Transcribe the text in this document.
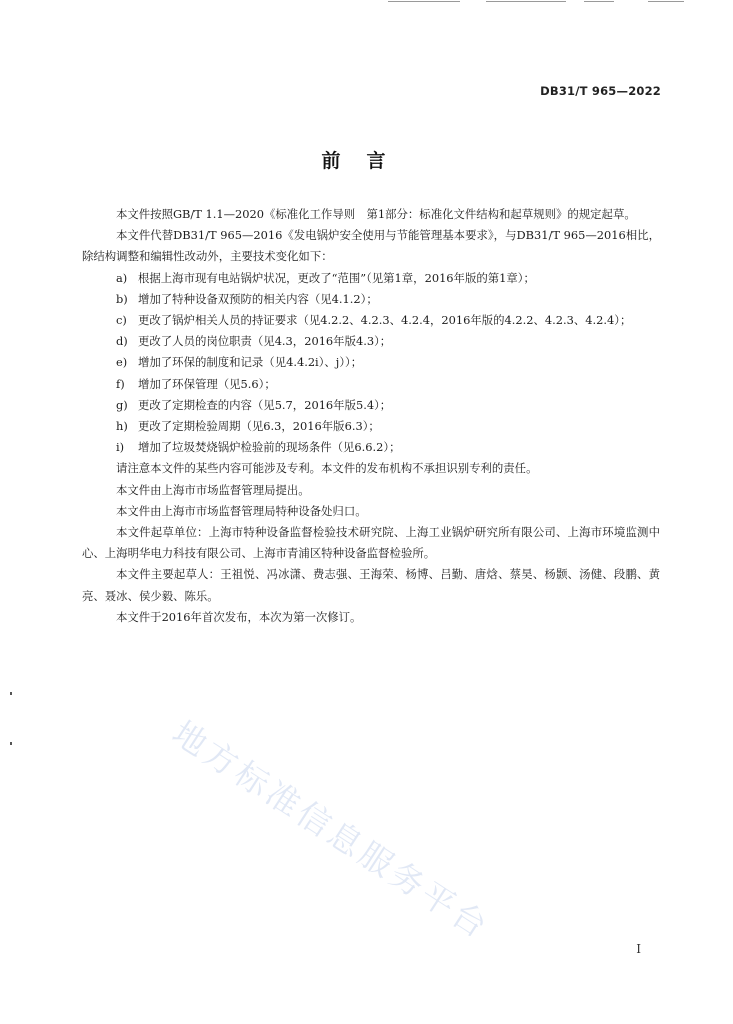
DB31/T 965—2022
前言

本文件按照GB/T 1.1—2020《标准化工作导则　第1部分：标准化文件结构和起草规则》的规定起草。

本文件代替DB31/T 965—2016《发电锅炉安全使用与节能管理基本要求》，与DB31/T 965—2016相比，除结构调整和编辑性改动外，主要技术变化如下：

a) 根据上海市现有电站锅炉状况，更改了“范围”（见第1章，2016年版的第1章）；
b) 增加了特种设备双预防的相关内容（见4.1.2）；
c) 更改了锅炉相关人员的持证要求（见4.2.2、4.2.3、4.2.4，2016年版的4.2.2、4.2.3、4.2.4）；
d) 更改了人员的岗位职责（见4.3，2016年版4.3）；
e) 增加了环保的制度和记录（见4.4.2i）、j））；
f)	增加了环保管理（见5.6）；
g) 更改了定期检查的内容（见5.7，2016年版5.4）；
h) 更改了定期检验周期（见6.3，2016年版6.3）；
i)	增加了垃圾焚烧锅炉检验前的现场条件（见6.6.2）；

请注意本文件的某些内容可能涉及专利。本文件的发布机构不承担识别专利的责任。

本文件由上海市市场监督管理局提出。

本文件由上海市市场监督管理局特种设备处归口。

本文件起草单位：上海市特种设备监督检验技术研究院、上海工业锅炉研究所有限公司、上海市环境监测中心、上海明华电力科技有限公司、上海市青浦区特种设备监督检验所。

本文件主要起草人：王祖悦、冯冰潇、费志强、王海荣、杨博、吕勤、唐焓、蔡昊、杨颢、汤健、段鹏、黄亮、聂冰、侯少毅、陈乐。

本文件于2016年首次发布，本次为第一次修订。

地方标准信息服务平台
I
